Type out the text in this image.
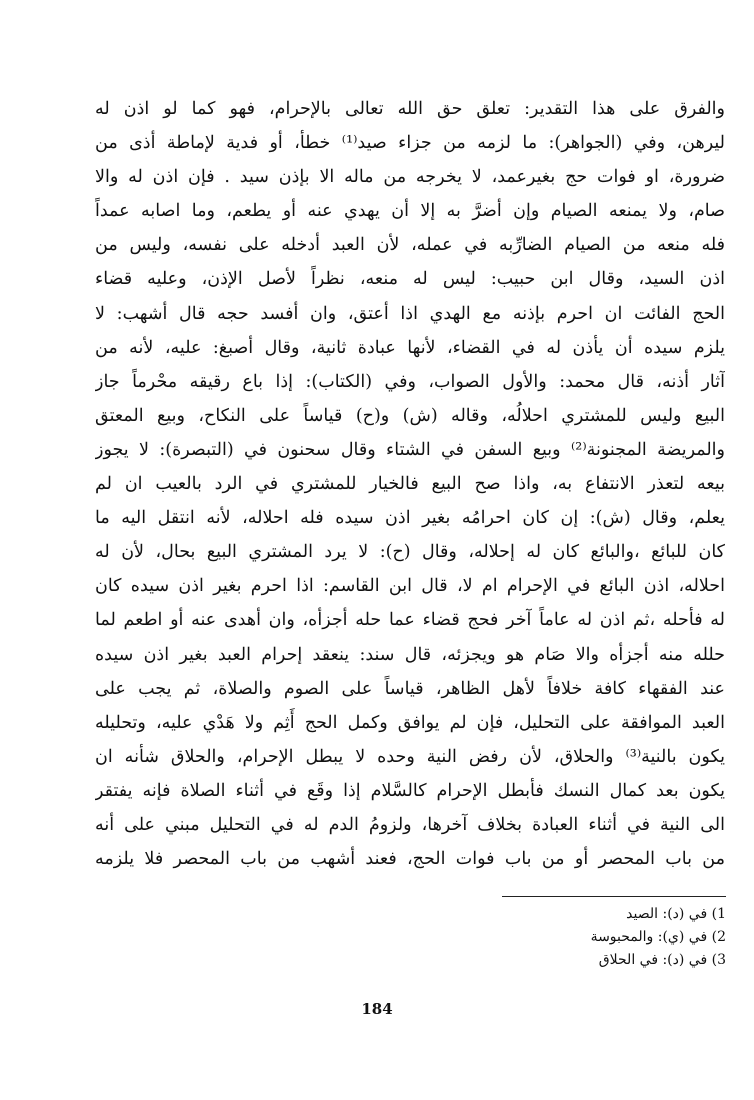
والفرق على هذا التقدير: تعلق حق الله تعالى بالإحرام، فهو كما لو اذن له
ليرهن، وفي (الجواهر): ما لزمه من جزاء صيد⁽¹⁾ خطأ، أو فدية لإماطة أذى من
ضرورة، او فوات حج بغيرعمد، لا يخرجه من ماله الا بإذن سيد . فإن اذن له والا
صام، ولا يمنعه الصيام وإن أضرَّ به إلا أن يهدي عنه أو يطعم، وما اصابه عمداً
فله منعه من الصيام الضارِّبه في عمله، لأن العبد أدخله على نفسه، وليس من
اذن السيد، وقال ابن حبيب: ليس له منعه، نظراً لأصل الإذن، وعليه قضاء
الحج الفائت ان احرم بإذنه مع الهدي اذا أعتق، وان أفسد حجه قال أشهب: لا
يلزم سيده أن يأذن له في القضاء، لأنها عبادة ثانية، وقال أصبغ: عليه، لأنه من
آثار أذنه، قال محمد: والأول الصواب، وفي (الكتاب): إذا باع رقيقه محْرماً جاز
البيع وليس للمشتري احلالُه، وقاله (ش) و(ح) قياساً على النكاح، وبيع المعتق
والمريضة المجنونة⁽²⁾ وبيع السفن في الشتاء وقال سحنون في (التبصرة): لا يجوز
بيعه لتعذر الانتفاع به، واذا صح البيع فالخيار للمشتري في الرد بالعيب ان لم
يعلم، وقال (ش): إن كان احرامُه بغير اذن سيده فله احلاله، لأنه انتقل اليه ما
كان للبائع ،والبائع كان له إحلاله، وقال (ح): لا يرد المشتري البيع بحال، لأن له
احلاله، اذن البائع في الإحرام ام لا، قال ابن القاسم: اذا احرم بغير اذن سيده كان
له فأحله ،ثم اذن له عاماً آخر فحج قضاء عما حله أجزأه، وان أهدى عنه أو اطعم لما
حلله منه أجزأه والا صَام هو ويجزئه، قال سند: ينعقد إحرام العبد بغير اذن سيده
عند الفقهاء كافة خلافاً لأهل الظاهر، قياساً على الصوم والصلاة، ثم يجب على
العبد الموافقة على التحليل، فإن لم يوافق وكمل الحج أَثِم ولا هَدْي عليه، وتحليله
يكون بالنية⁽³⁾ والحلاق، لأن رفض النية وحده لا يبطل الإحرام، والحلاق شأنه ان
يكون بعد كمال النسك فأبطل الإحرام كالسَّلام إذا وقَع في أثناء الصلاة فإنه يفتقر
الى النية في أثناء العبادة بخلاف آخرها، ولزومُ الدم له في التحليل مبني على أنه
من باب المحصر أو من باب فوات الحج، فعند أشهب من باب المحصر فلا يلزمه
1) في (د): الصيد
2) في (ي): والمحبوسة
3) في (د): في الحلاق
184
